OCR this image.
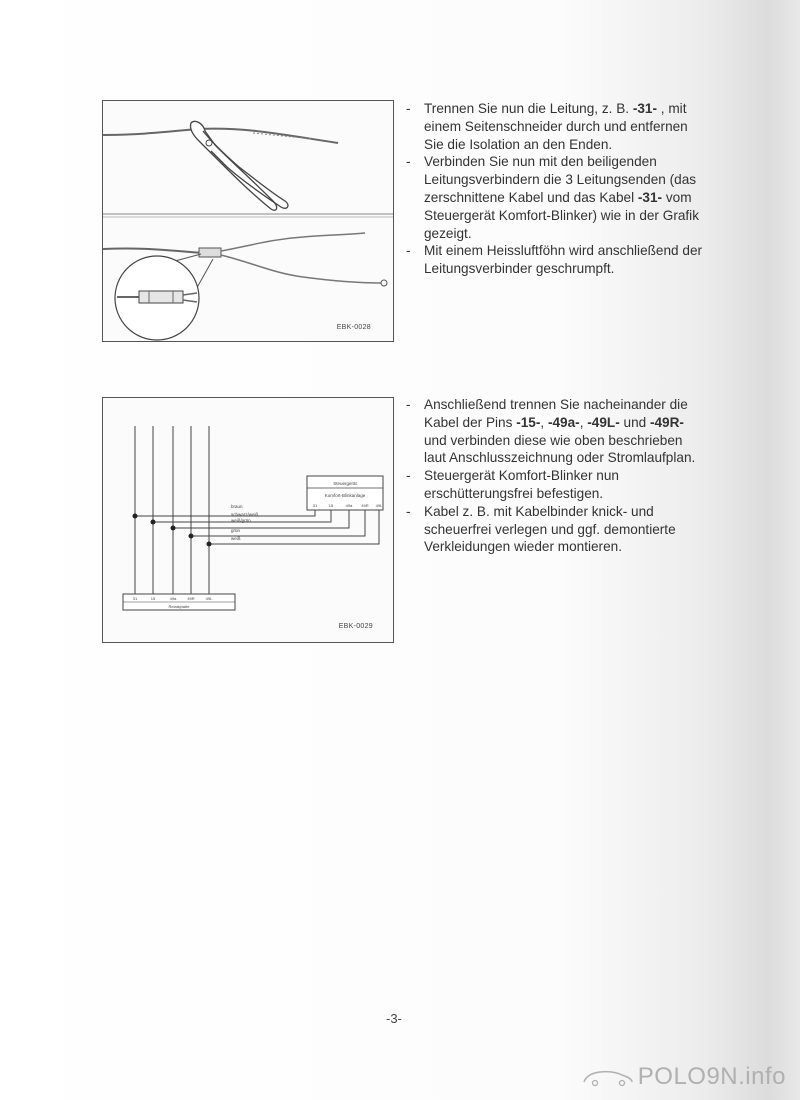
EBK-0028
braun
schwarz/weiß
weiß/grün
grün
weiß
Steuergerät
Komfort-Blinkanlage
31	15	49a 49R 49L
31	15	49a	49R	49L
Relaisplatte
EBK-0029
- Trennen Sie nun die Leitung, z. B. -31- , mit einem Seitenschneider durch und entfernen Sie die Isolation an den Enden.
- Verbinden Sie nun mit den beiligenden Leitungsverbindern die 3 Leitungsenden (das zerschnittene Kabel und das Kabel -31- vom Steuergerät Komfort-Blinker) wie in der Grafik gezeigt.
- Mit einem Heissluftföhn wird anschließend der Leitungsverbinder geschrumpft.
- Anschließend trennen Sie nacheinander die Kabel der Pins -15-, -49a-, -49L- und -49R- und verbinden diese wie oben beschrieben laut Anschlusszeichnung oder Stromlaufplan.
- Steuergerät Komfort-Blinker nun erschütterungsfrei befestigen.
- Kabel z. B. mit Kabelbinder knick- und scheuerfrei verlegen und ggf. demontierte Verkleidungen wieder montieren.
-3-
POLO9N.info
